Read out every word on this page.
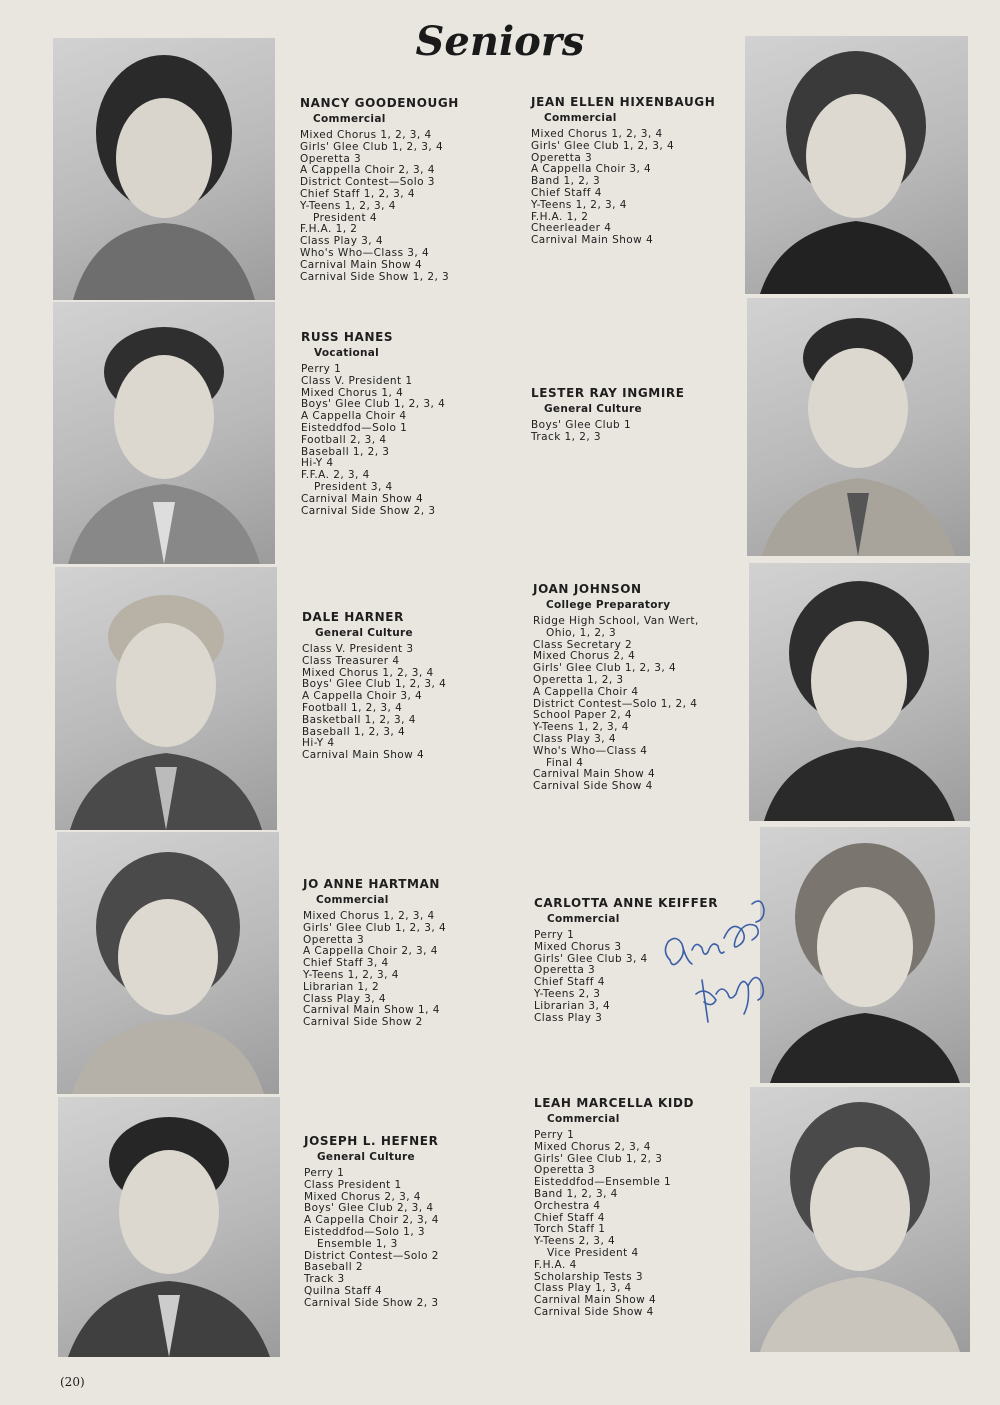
Seniors

NANCY GOODENOUGH

Commercial

Mixed Chorus 1, 2, 3, 4
Girls' Glee Club 1, 2, 3, 4
Operetta 3
A Cappella Choir 2, 3, 4
District Contest—Solo 3
Chief Staff 1, 2, 3, 4
Y-Teens 1, 2, 3, 4
President 4
F.H.A. 1, 2
Class Play 3, 4
Who's Who—Class 3, 4
Carnival Main Show 4
Carnival Side Show 1, 2, 3

JEAN ELLEN HIXENBAUGH

Commercial

Mixed Chorus 1, 2, 3, 4
Girls' Glee Club 1, 2, 3, 4
Operetta 3
A Cappella Choir 3, 4
Band 1, 2, 3
Chief Staff 4
Y-Teens 1, 2, 3, 4
F.H.A. 1, 2
Cheerleader 4
Carnival Main Show 4

RUSS HANES

Vocational

Perry 1
Class V. President 1
Mixed Chorus 1, 4
Boys' Glee Club 1, 2, 3, 4
A Cappella Choir 4
Eisteddfod—Solo 1
Football 2, 3, 4
Baseball 1, 2, 3
Hi-Y 4
F.F.A. 2, 3, 4
President 3, 4
Carnival Main Show 4
Carnival Side Show 2, 3

LESTER RAY INGMIRE

General Culture

Boys' Glee Club 1
Track 1, 2, 3

DALE HARNER

General Culture

Class V. President 3
Class Treasurer 4
Mixed Chorus 1, 2, 3, 4
Boys' Glee Club 1, 2, 3, 4
A Cappella Choir 3, 4
Football 1, 2, 3, 4
Basketball 1, 2, 3, 4
Baseball 1, 2, 3, 4
Hi-Y 4
Carnival Main Show 4

JOAN JOHNSON

College Preparatory

Ridge High School, Van Wert,
Ohio, 1, 2, 3
Class Secretary 2
Mixed Chorus 2, 4
Girls' Glee Club 1, 2, 3, 4
Operetta 1, 2, 3
A Cappella Choir 4
District Contest—Solo 1, 2, 4
School Paper 2, 4
Y-Teens 1, 2, 3, 4
Class Play 3, 4
Who's Who—Class 4
Final 4
Carnival Main Show 4
Carnival Side Show 4

JO ANNE HARTMAN

Commercial

Mixed Chorus 1, 2, 3, 4
Girls' Glee Club 1, 2, 3, 4
Operetta 3
A Cappella Choir 2, 3, 4
Chief Staff 3, 4
Y-Teens 1, 2, 3, 4
Librarian 1, 2
Class Play 3, 4
Carnival Main Show 1, 4
Carnival Side Show 2

CARLOTTA ANNE KEIFFER

Commercial

Perry 1
Mixed Chorus 3
Girls' Glee Club 3, 4
Operetta 3
Chief Staff 4
Y-Teens 2, 3
Librarian 3, 4
Class Play 3

JOSEPH L. HEFNER

General Culture

Perry 1
Class President 1
Mixed Chorus 2, 3, 4
Boys' Glee Club 2, 3, 4
A Cappella Choir 2, 3, 4
Eisteddfod—Solo 1, 3
Ensemble 1, 3
District Contest—Solo 2
Baseball 2
Track 3
Quilna Staff 4
Carnival Side Show 2, 3

LEAH MARCELLA KIDD

Commercial

Perry 1
Mixed Chorus 2, 3, 4
Girls' Glee Club 1, 2, 3
Operetta 3
Eisteddfod—Ensemble 1
Band 1, 2, 3, 4
Orchestra 4
Chief Staff 4
Torch Staff 1
Y-Teens 2, 3, 4
Vice President 4
F.H.A. 4
Scholarship Tests 3
Class Play 1, 3, 4
Carnival Main Show 4
Carnival Side Show 4

(20)
